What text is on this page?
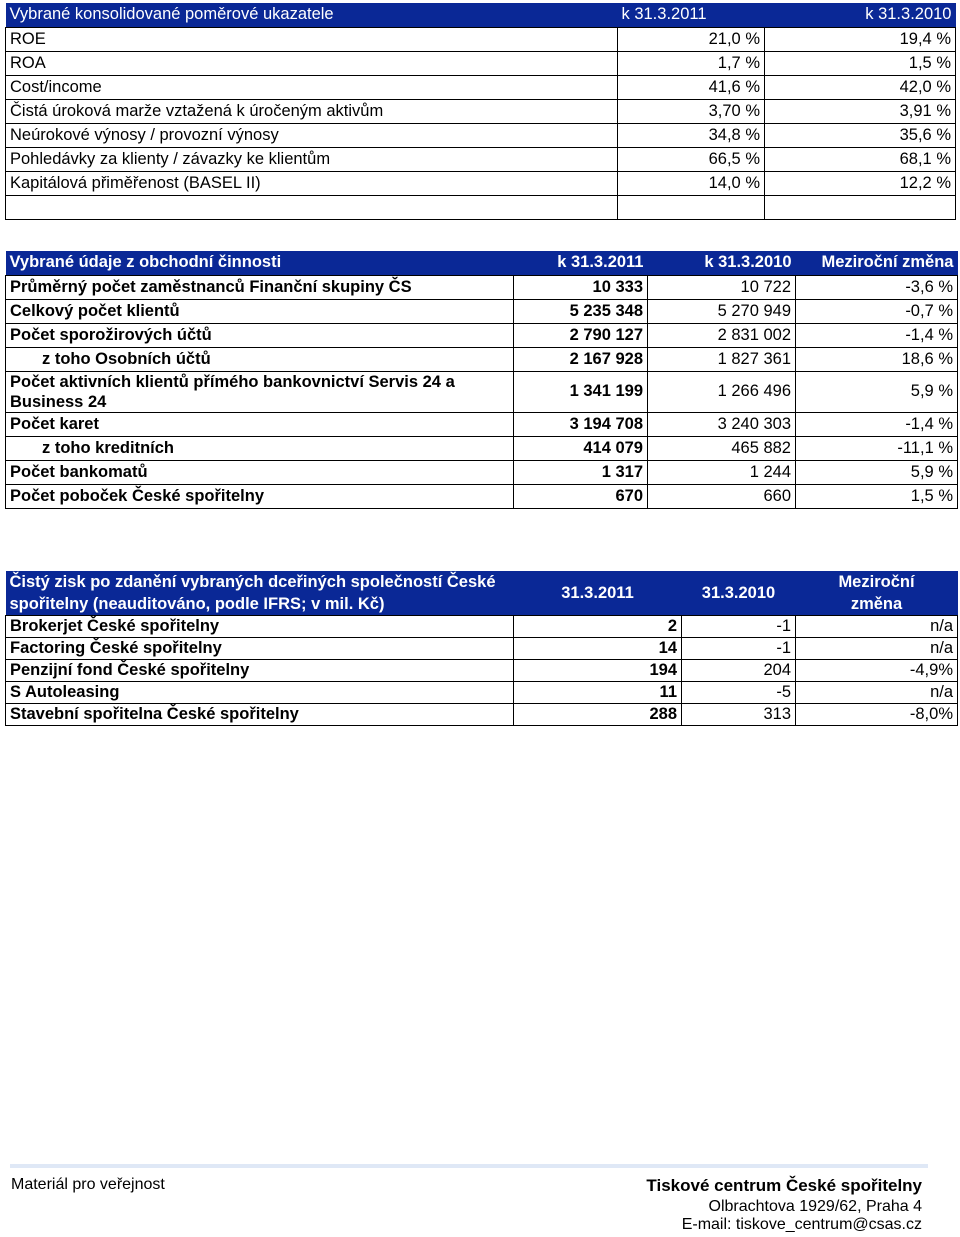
Vybrané konsolidované poměrové ukazatele	k 31.3.2011	k 31.3.2010
ROE	21,0 %	19,4 %
ROA	1,7 %	1,5 %
Cost/income	41,6 %	42,0 %
Čistá úroková marže vztažená k úročeným aktivům	3,70 %	3,91 %
Neúrokové výnosy / provozní výnosy	34,8 %	35,6 %
Pohledávky za klienty / závazky ke klientům	66,5 %	68,1 %
Kapitálová přiměřenost (BASEL II)	14,0 %	12,2 %

Vybrané údaje z obchodní činnosti	k 31.3.2011	k 31.3.2010	Meziroční změna
Průměrný počet zaměstnanců Finanční skupiny ČS	10 333	10 722	-3,6 %
Celkový počet klientů	5 235 348	5 270 949	-0,7 %
Počet sporožirových účtů	2 790 127	2 831 002	-1,4 %
z toho Osobních účtů	2 167 928	1 827 361	18,6 %
Počet aktivních klientů přímého bankovnictví Servis 24 a Business 24	1 341 199	1 266 496	5,9 %
Počet karet	3 194 708	3 240 303	-1,4 %
z toho kreditních	414 079	465 882	-11,1 %
Počet bankomatů	1 317	1 244	5,9 %
Počet poboček České spořitelny	670	660	1,5 %
Čistý zisk po zdanění vybraných dceřiných společností České spořitelny (neauditováno, podle IFRS; v mil. Kč)	31.3.2011	31.3.2010	Meziroční změna
Brokerjet České spořitelny	2	-1	n/a
Factoring České spořitelny	14	-1	n/a
Penzijní fond České spořitelny	194	204	-4,9%
S Autoleasing	11	-5	n/a
Stavební spořitelna České spořitelny	288	313	-8,0%
Materiál pro veřejnost	Tiskové centrum České spořitelny
Olbrachtova 1929/62, Praha 4
E-mail: tiskove_centrum@csas.cz
